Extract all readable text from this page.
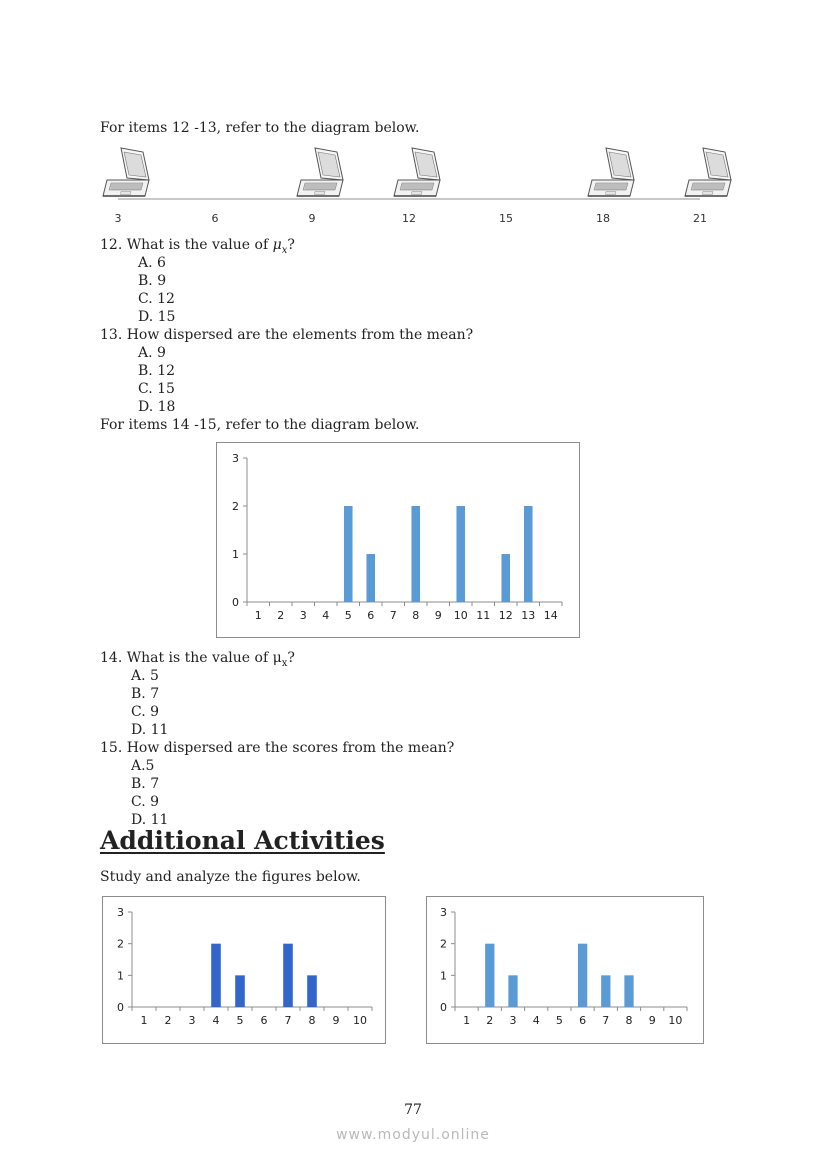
For items 12 -13, refer to the diagram below.
3	6	9	12	15	18	21
12. What is the value of $\mu_x$?
A. 6
B. 9
C. 12
D. 15
13. How dispersed are the elements from the mean?
A. 9
B. 12
C. 15
D. 18
For items 14 -15, refer to the diagram below.
0
1
2
3
1 2 3 4 5 6 7 8 9 10 11 12 13 14
14. What is the value of $\mu_x$?
A. 5
B. 7
C. 9
D. 11
15. How dispersed are the scores from the mean?
A.5
B. 7
C. 9
D. 11
Additional Activities
Study and analyze the figures below.
0
1
2
3
1 2 3 4 5 6 7 8 9 10
0
1
2
3
1 2 3 4 5 6 7 8 9 10
77
www.modyul.online
